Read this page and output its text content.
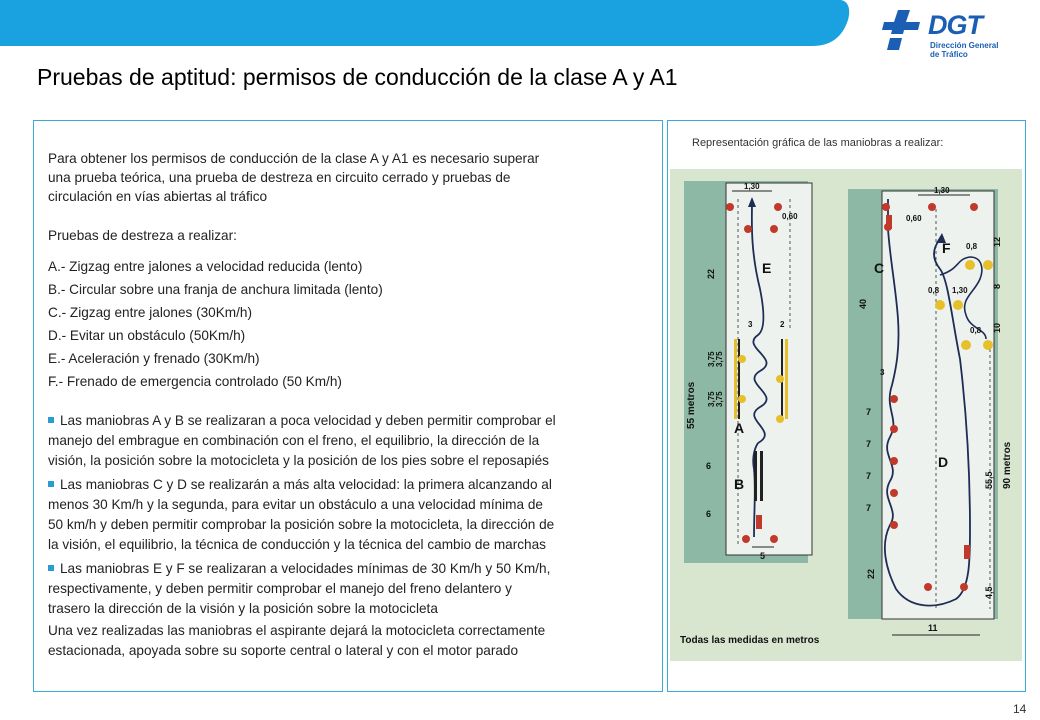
DGT
Dirección General
de Tráfico
Pruebas de aptitud: permisos de conducción de la clase A y A1

Para obtener los permisos de conducción de la clase A y A1 es necesario superar
una prueba teórica, una prueba de destreza en circuito cerrado y pruebas de
circulación en vías abiertas al tráfico

Pruebas de destreza a realizar:

A.- Zigzag entre jalones a velocidad reducida (lento)
B.- Circular sobre una franja de anchura limitada (lento)
C.- Zigzag entre jalones (30Km/h)
D.- Evitar un obstáculo (50Km/h)
E.- Aceleración y frenado (30Km/h)
F.- Frenado de emergencia controlado (50 Km/h)
Las maniobras A y B se realizaran a poca velocidad y deben permitir comprobar el
manejo del embrague en combinación con el freno, el equilibrio, la dirección de la
visión, la posición sobre la motocicleta y la posición de los pies sobre el reposapiés
Las maniobras C y D se realizarán a más alta velocidad: la primera alcanzando al
menos 30 Km/h y la segunda, para evitar un obstáculo a una velocidad mínima de
50 km/h y deben permitir comprobar la posición sobre la motocicleta, la dirección de
la visión, el equilibrio, la técnica de conducción y la técnica del cambio de marchas
Las maniobras E y F se realizaran a velocidades mínimas de 30 Km/h y 50 Km/h,
respectivamente, y deben permitir comprobar el manejo del freno delantero y
trasero la dirección de la visión y la posición sobre la motocicleta
Una vez realizadas las maniobras el aspirante dejará la motocicleta correctamente
estacionada, apoyada sobre su soporte central o lateral y con el motor parado
Representación gráfica de las maniobras a realizar:
E
A
B
C
F
D
55 metros
90 metros
1,30
0,60
1,30
0,60
22
3	2
3,75 3,75
3,75 3,75
6
6
5
12
0,8
8
0,8 1,30
10
0,8
40
3
7
7
7
7
22
55,5
4,5
11
Todas las medidas en metros
14
